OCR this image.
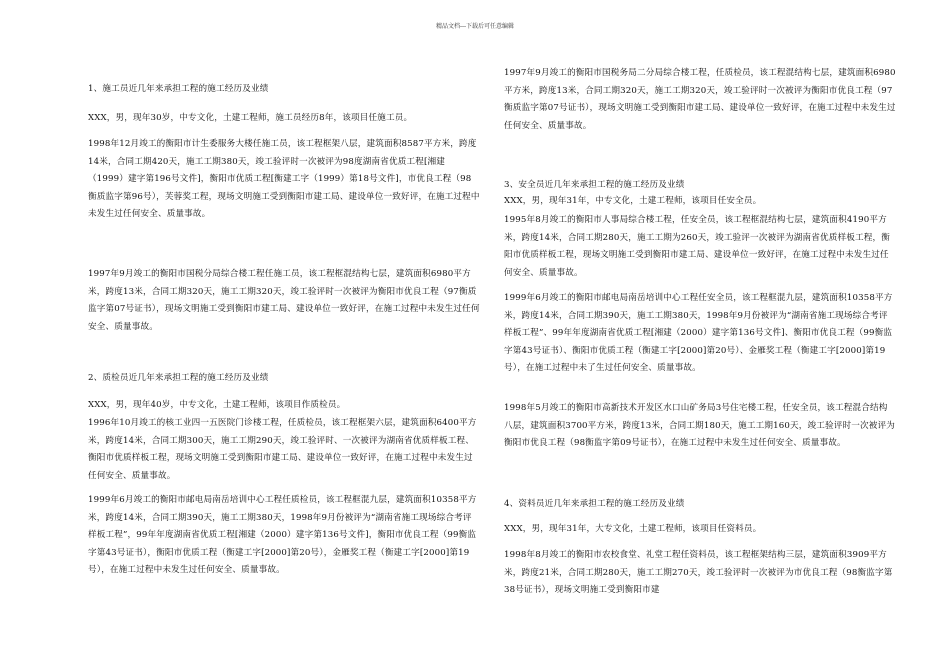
精品文档---下载后可任意编辑

1、施工员近几年来承担工程的施工经历及业绩

XXX，男，现年30岁，中专文化，土建工程师，施工员经历8年，该项目任施工员。

1998年12月竣工的衡阳市计生委服务大楼任施工员，该工程框架八层，建筑面积8587平方米，跨度14米，合同工期420天，施工工期380天，竣工验评时一次被评为98度湖南省优质工程[湘建（1999）建字第196号文件]，衡阳市优质工程[衡建工字（1999）第18号文件]，市优良工程（98衡质监字第96号），芙蓉奖工程，现场文明施工受到衡阳市建工局、建设单位一致好评，在施工过程中未发生过任何安全、质量事故。

1997年9月竣工的衡阳市国税分局综合楼工程任施工员，该工程框混结构七层，建筑面积6980平方米，跨度13米，合同工期320天，施工工期320天，竣工验评时一次被评为衡阳市优良工程（97衡质监字第07号证书），现场文明施工受到衡阳市建工局、建设单位一致好评，在施工过程中未发生过任何安全、质量事故。

2、质检员近几年来承担工程的施工经历及业绩

XXX，男，现年40岁，中专文化，土建工程师，该项目作质检员。

1996年10月竣工的核工业四一五医院门诊楼工程，任质检员，该工程框架六层，建筑面积6400平方米，跨度14米，合同工期300天，施工工期290天，竣工验评时、一次被评为湖南省优质样板工程、衡阳市优质样板工程，现场文明施工受到衡阳市建工局、建设单位一致好评，在施工过程中未发生过任何安全、质量事故。

1999年6月竣工的衡阳市邮电局南岳培训中心工程任质检员，该工程框混九层，建筑面积10358平方米，跨度14米，合同工期390天，施工工期380天，1998年9月份被评为“湖南省施工现场综合考评样板工程”，99年年度湖南省优质工程[湘建（2000）建字第136号文件]，衡阳市优良工程（99衡监字第43号证书），衡阳市优质工程（衡建工字[2000]第20号），金雁奖工程（衡建工字[2000]第19号），在施工过程中未发生过任何安全、质量事故。

1997年9月竣工的衡阳市国税务局二分局综合楼工程，任质检员，该工程混结构七层，建筑面积6980平方米，跨度13米，合同工期320天，施工工期320天，竣工验评时一次被评为衡阳市优良工程（97衡质监字第07号证书），现场文明施工受到衡阳市建工局、建设单位一致好评，在施工过程中未发生过任何安全、质量事故。

3、安全员近几年来承担工程的施工经历及业绩

XXX，男，现年31年，中专文化，土建工程师，该项目任安全员。

1995年8月竣工的衡阳市人事局综合楼工程，任安全员，该工程框混结构七层，建筑面积4190平方米，跨度14米，合同工期280天，施工工期为260天，竣工验评一次被评为湖南省优质样板工程，衡阳市优质样板工程，现场文明施工受到衡阳市建工局、建设单位一致好评，在施工过程中未发生过任何安全、质量事故。

1999年6月竣工的衡阳市邮电局南岳培训中心工程任安全员，该工程框混九层，建筑面积10358平方米，跨度14米，合同工期390天，施工工期380天，1998年9月份被评为“湖南省施工现场综合考评样板工程”、99年年度湖南省优质工程[湘建（2000）建字第136号文件]、衡阳市优良工程（99衡监字第43号证书）、衡阳市优质工程（衡建工字[2000]第20号）、金雁奖工程（衡建工字[2000]第19号），在施工过程中未了生过任何安全、质量事故。

1998年5月竣工的衡阳市高新技术开发区水口山矿务局3号住宅楼工程，任安全员，该工程混合结构八层，建筑面积3700平方米，跨度13米，合同工期180天，施工工期160天，竣工验评时一次被评为衡阳市优良工程（98衡监字第09号证书），在施工过程中未发生过任何安全、质量事故。

4、资料员近几年来承担工程的施工经历及业绩

XXX，男，现年31年，大专文化，土建工程师，该项目任资料员。

1998年8月竣工的衡阳市农校食堂、礼堂工程任资料员，该工程框架结构三层，建筑面积3909平方米，跨度21米，合同工期280天，施工工期270天，竣工验评时一次被评为市优良工程（98衡监字第38号证书），现场文明施工受到衡阳市建
